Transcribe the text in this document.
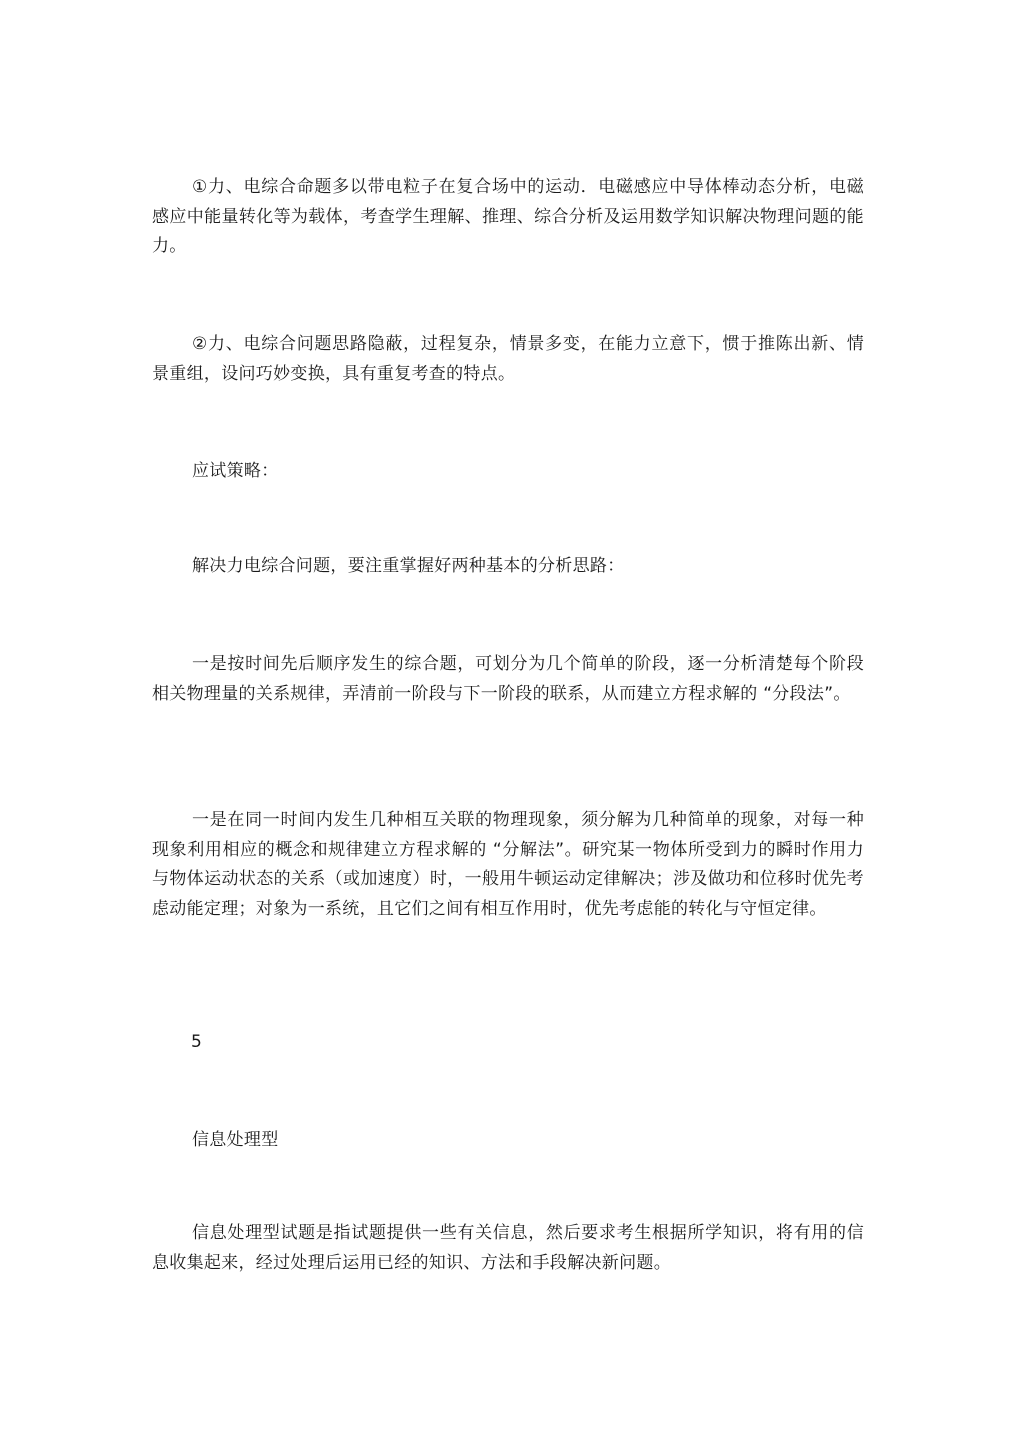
①力、电综合命题多以带电粒子在复合场中的运动．电磁感应中导体棒动态分析，电磁感应中能量转化等为载体，考查学生理解、推理、综合分析及运用数学知识解决物理问题的能力。

②力、电综合问题思路隐蔽，过程复杂，情景多变，在能力立意下，惯于推陈出新、情景重组，设问巧妙变换，具有重复考查的特点。

应试策略：

解决力电综合问题，要注重掌握好两种基本的分析思路：

一是按时间先后顺序发生的综合题，可划分为几个简单的阶段，逐一分析清楚每个阶段相关物理量的关系规律，弄清前一阶段与下一阶段的联系，从而建立方程求解的 “分段法”。

一是在同一时间内发生几种相互关联的物理现象，须分解为几种简单的现象，对每一种现象利用相应的概念和规律建立方程求解的 “分解法”。研究某一物体所受到力的瞬时作用力与物体运动状态的关系（或加速度）时，一般用牛顿运动定律解决；涉及做功和位移时优先考虑动能定理；对象为一系统，且它们之间有相互作用时，优先考虑能的转化与守恒定律。

5

信息处理型

信息处理型试题是指试题提供一些有关信息，然后要求考生根据所学知识，将有用的信息收集起来，经过处理后运用已经的知识、方法和手段解决新问题。
